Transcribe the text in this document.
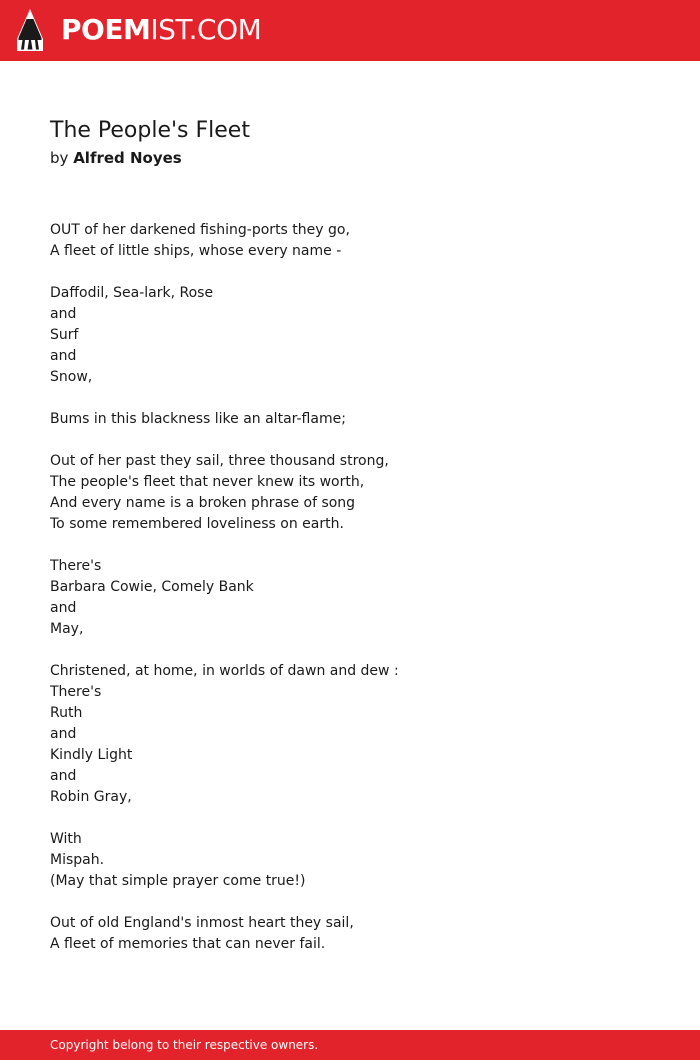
POEMIST.COM
The People's Fleet

by Alfred Noyes

OUT of her darkened fishing-ports they go,
A fleet of little ships, whose every name -
Daffodil, Sea-lark, Rose
and
Surf
and
Snow,
Bums in this blackness like an altar-flame;
Out of her past they sail, three thousand strong,
The people's fleet that never knew its worth,
And every name is a broken phrase of song
To some remembered loveliness on earth.
There's
Barbara Cowie, Comely Bank
and
May,
Christened, at home, in worlds of dawn and dew :
There's
Ruth
and
Kindly Light
and
Robin Gray,
With
Mispah.
(May that simple prayer come true!)
Out of old England's inmost heart they sail,
A fleet of memories that can never fail.
Copyright belong to their respective owners.
